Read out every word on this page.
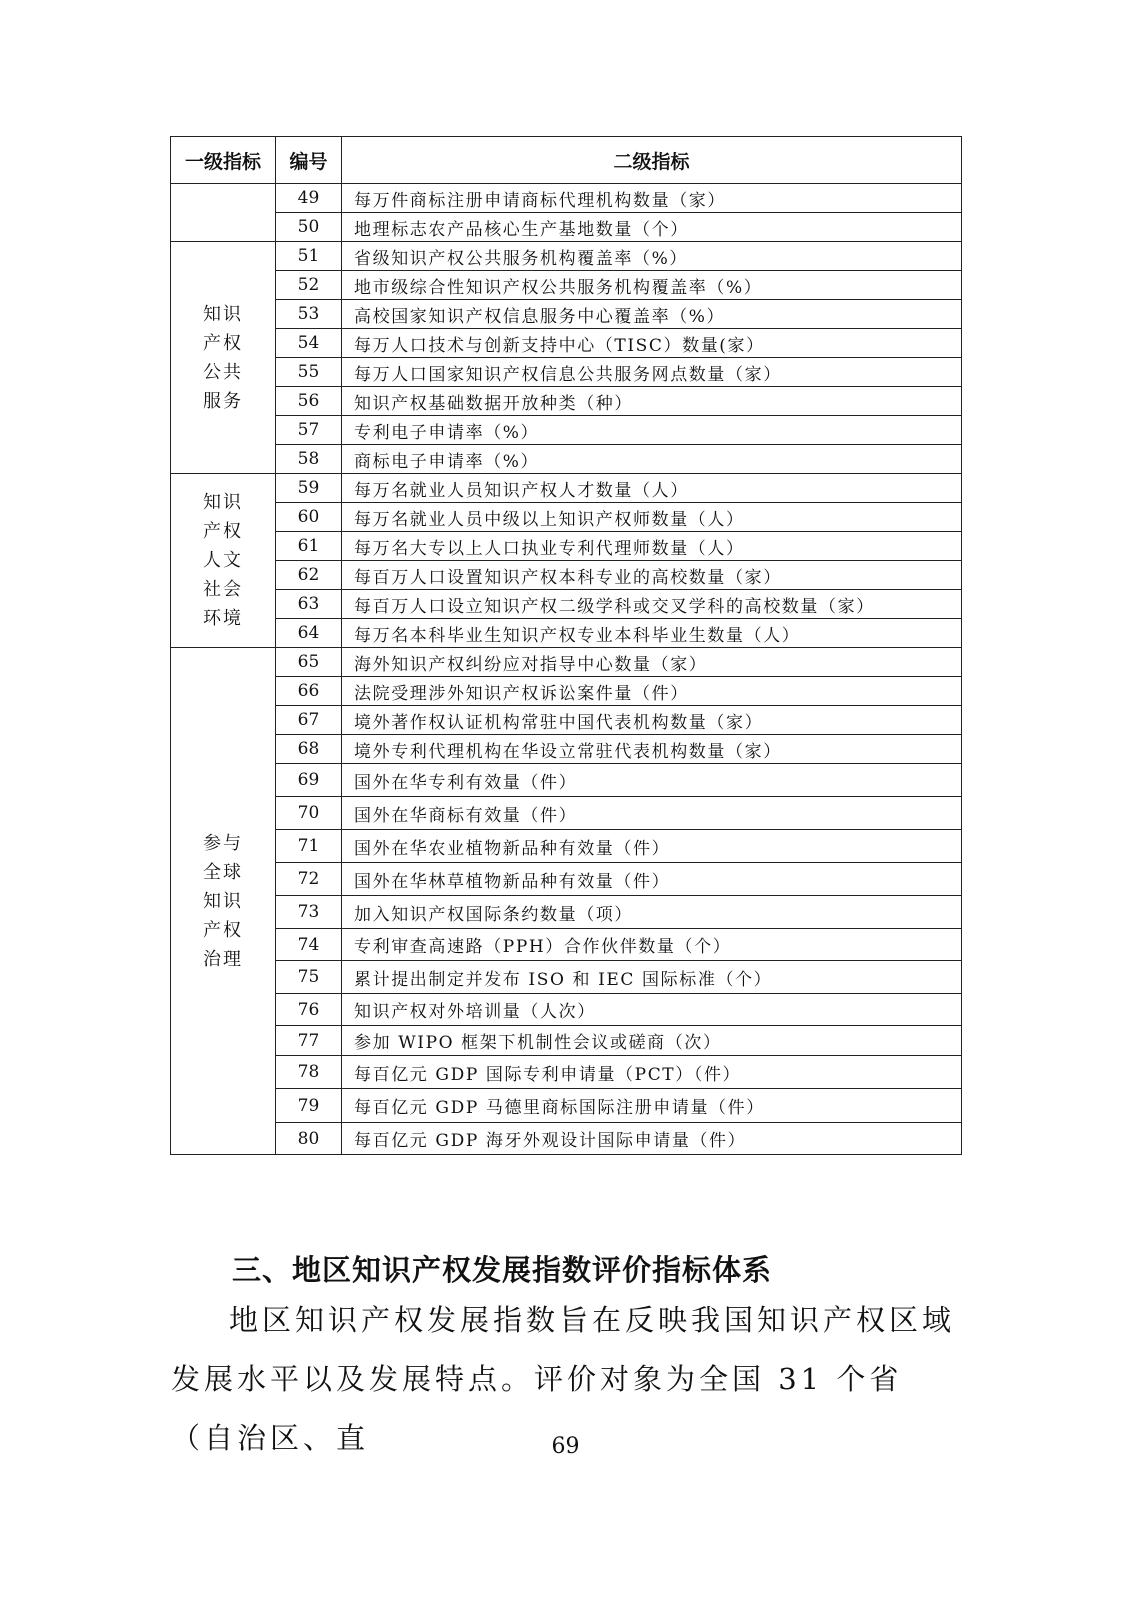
一级指标	编号	二级指标

	49	每万件商标注册申请商标代理机构数量（家）
	50	地理标志农产品核心生产基地数量（个）

知识产权公共服务	51	省级知识产权公共服务机构覆盖率（%）
	52	地市级综合性知识产权公共服务机构覆盖率（%）
	53	高校国家知识产权信息服务中心覆盖率（%）
	54	每万人口技术与创新支持中心（TISC）数量(家）
	55	每万人口国家知识产权信息公共服务网点数量（家）
	56	知识产权基础数据开放种类（种）
	57	专利电子申请率（%）
	58	商标电子申请率（%）

知识产权人文社会环境	59	每万名就业人员知识产权人才数量（人）
	60	每万名就业人员中级以上知识产权师数量（人）
	61	每万名大专以上人口执业专利代理师数量（人）
	62	每百万人口设置知识产权本科专业的高校数量（家）
	63	每百万人口设立知识产权二级学科或交叉学科的高校数量（家）
	64	每万名本科毕业生知识产权专业本科毕业生数量（人）

参与全球知识产权治理	65	海外知识产权纠纷应对指导中心数量（家）
	66	法院受理涉外知识产权诉讼案件量（件）
	67	境外著作权认证机构常驻中国代表机构数量（家）
	68	境外专利代理机构在华设立常驻代表机构数量（家）
	69	国外在华专利有效量（件）
	70	国外在华商标有效量（件）
	71	国外在华农业植物新品种有效量（件）
	72	国外在华林草植物新品种有效量（件）
	73	加入知识产权国际条约数量（项）
	74	专利审查高速路（PPH）合作伙伴数量（个）
	75	累计提出制定并发布 ISO 和 IEC 国际标准（个）
	76	知识产权对外培训量（人次）
	77	参加 WIPO 框架下机制性会议或磋商（次）
	78	每百亿元 GDP 国际专利申请量（PCT）（件）
	79	每百亿元 GDP 马德里商标国际注册申请量（件）
	80	每百亿元 GDP 海牙外观设计国际申请量（件）
三、地区知识产权发展指数评价指标体系

地区知识产权发展指数旨在反映我国知识产权区域发展水平以及发展特点。评价对象为全国 31 个省（自治区、直	69
